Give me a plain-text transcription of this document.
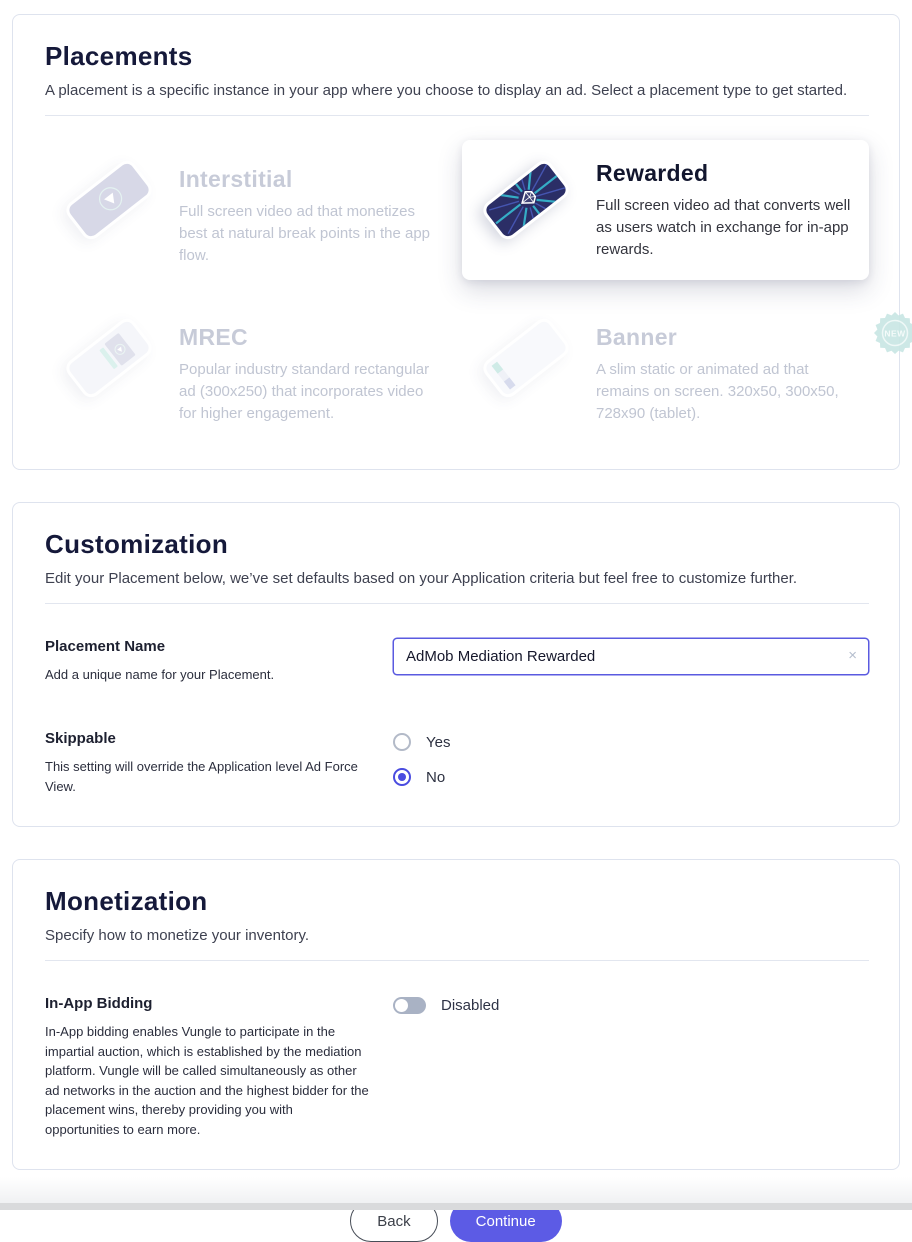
Placements
A placement is a specific instance in your app where you choose to display an ad. Select a placement type to get started.
Interstitial
Full screen video ad that monetizes best at natural break points in the app flow.
Rewarded
Full screen video ad that converts well as users watch in exchange for in-app rewards.
MREC
Popular industry standard rectangular ad (300x250) that incorporates video for higher engagement.
Banner
A slim static or animated ad that remains on screen. 320x50, 300x50, 728x90 (tablet).
NEW
Customization
Edit your Placement below, we’ve set defaults based on your Application criteria but feel free to customize further.
Placement Name
Add a unique name for your Placement.
AdMob Mediation Rewarded
×
Skippable
This setting will override the Application level Ad Force View.
Yes
No
Monetization
Specify how to monetize your inventory.
In-App Bidding
In-App bidding enables Vungle to participate in the impartial auction, which is established by the mediation platform. Vungle will be called simultaneously as other ad networks in the auction and the highest bidder for the placement wins, thereby providing you with opportunities to earn more.
Disabled
Back	Continue
